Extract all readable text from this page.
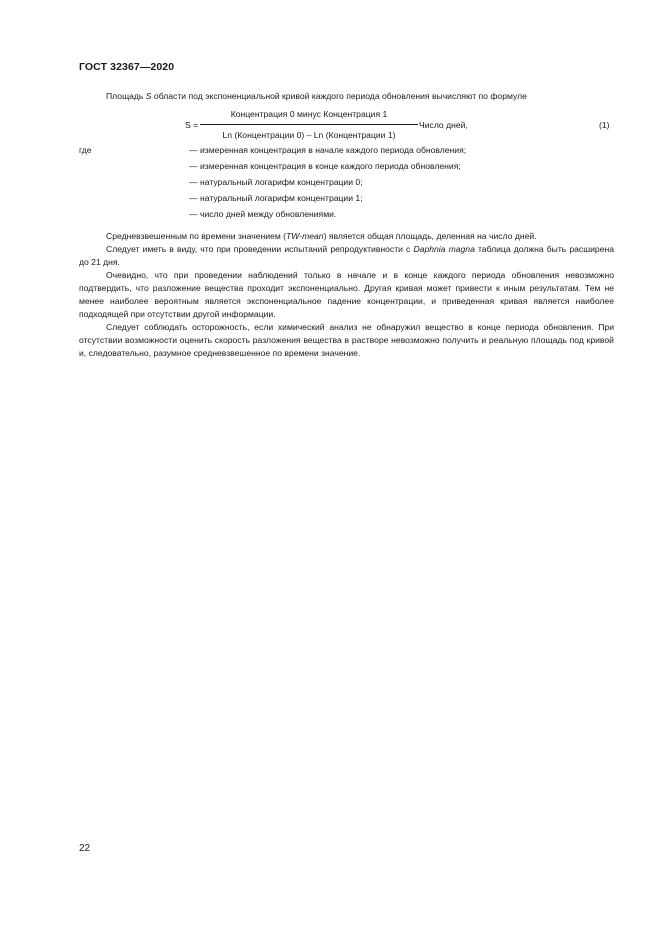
ГОСТ 32367—2020
Площадь S области под экспоненциальной кривой каждого периода обновления вычисляют по формуле
S =
Концентрация 0 минус Концентрация 1
Ln (Концентрации 0) – Ln (Концентрации 1)
Число дней,	(1)
где	— измеренная концентрация в начале каждого периода обновления;
— измеренная концентрация в конце каждого периода обновления;
— натуральный логарифм концентрации 0;
— натуральный логарифм концентрации 1;
— число дней между обновлениями.

Средневзвешенным по времени значением (TW-mean) является общая площадь, деленная на число дней.

Следует иметь в виду, что при проведении испытаний репродуктивности с Daphnia magna таблица должна быть расширена до 21 дня.

Очевидно, что при проведении наблюдений только в начале и в конце каждого периода обновления невозможно подтвердить, что разложение вещества проходит экспоненциально. Другая кривая может привести к иным результатам. Тем не менее наиболее вероятным является экспоненциальное падение концентрации, и приведенная кривая является наиболее подходящей при отсутствии другой информации.

Следует соблюдать осторожность, если химический анализ не обнаружил вещество в конце периода обновления. При отсутствии возможности оценить скорость разложения вещества в растворе невозможно получить и реальную площадь под кривой и, следовательно, разумное средневзвешенное по времени значение.

22
